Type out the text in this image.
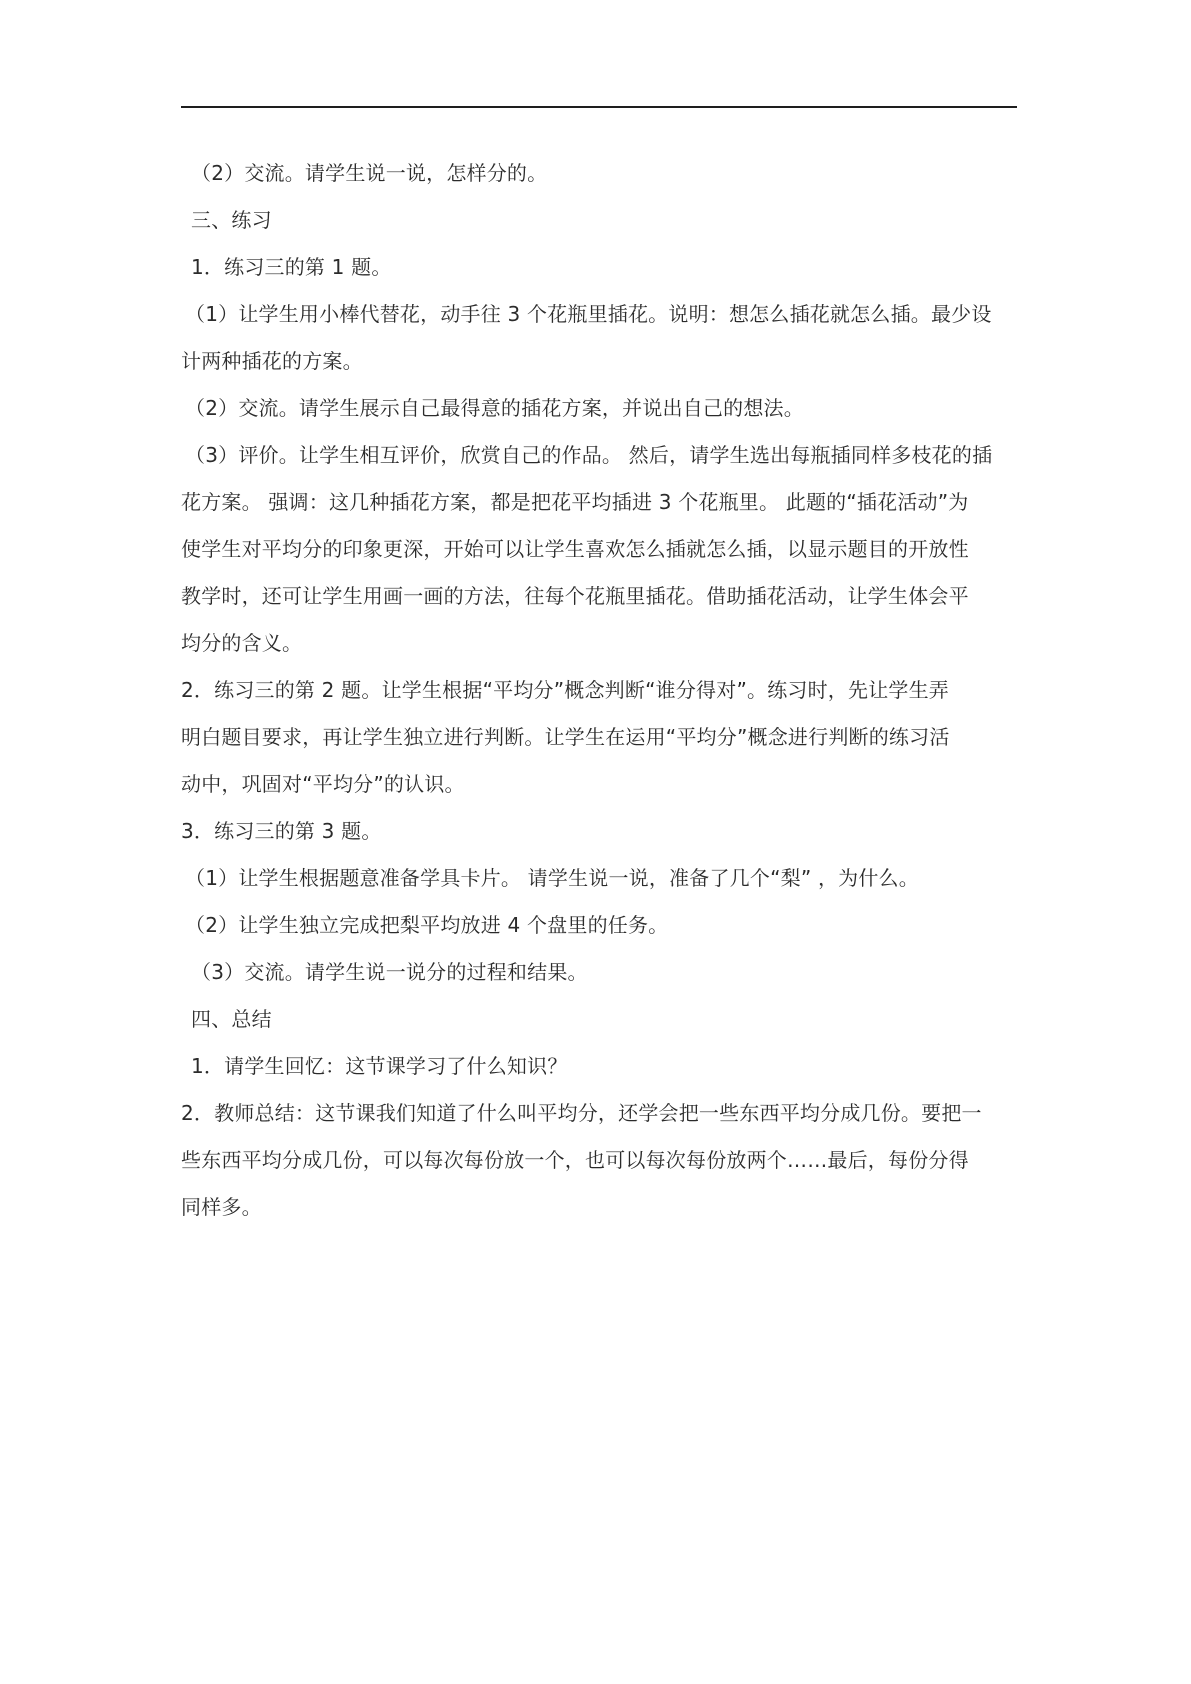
（2）交流。请学生说一说，怎样分的。
三、练习
1．练习三的第 1 题。
（1）让学生用小棒代替花，动手往 3 个花瓶里插花。说明：想怎么插花就怎么插。最少设
计两种插花的方案。
（2）交流。请学生展示自己最得意的插花方案，并说出自己的想法。
（3）评价。让学生相互评价，欣赏自己的作品。 然后，请学生选出每瓶插同样多枝花的插
花方案。 强调：这几种插花方案，都是把花平均插进 3 个花瓶里。 此题的“插花活动”为
使学生对平均分的印象更深，开始可以让学生喜欢怎么插就怎么插，以显示题目的开放性
教学时，还可让学生用画一画的方法，往每个花瓶里插花。借助插花活动，让学生体会平
均分的含义。
2．练习三的第 2 题。让学生根据“平均分”概念判断“谁分得对”。练习时，先让学生弄
明白题目要求，再让学生独立进行判断。让学生在运用“平均分”概念进行判断的练习活
动中，巩固对“平均分”的认识。
3．练习三的第 3 题。
（1）让学生根据题意准备学具卡片。 请学生说一说，准备了几个“梨” ，为什么。
（2）让学生独立完成把梨平均放进 4 个盘里的任务。
（3）交流。请学生说一说分的过程和结果。
四、总结
1．请学生回忆：这节课学习了什么知识？
2．教师总结：这节课我们知道了什么叫平均分，还学会把一些东西平均分成几份。要把一
些东西平均分成几份，可以每次每份放一个，也可以每次每份放两个……最后，每份分得
同样多。
